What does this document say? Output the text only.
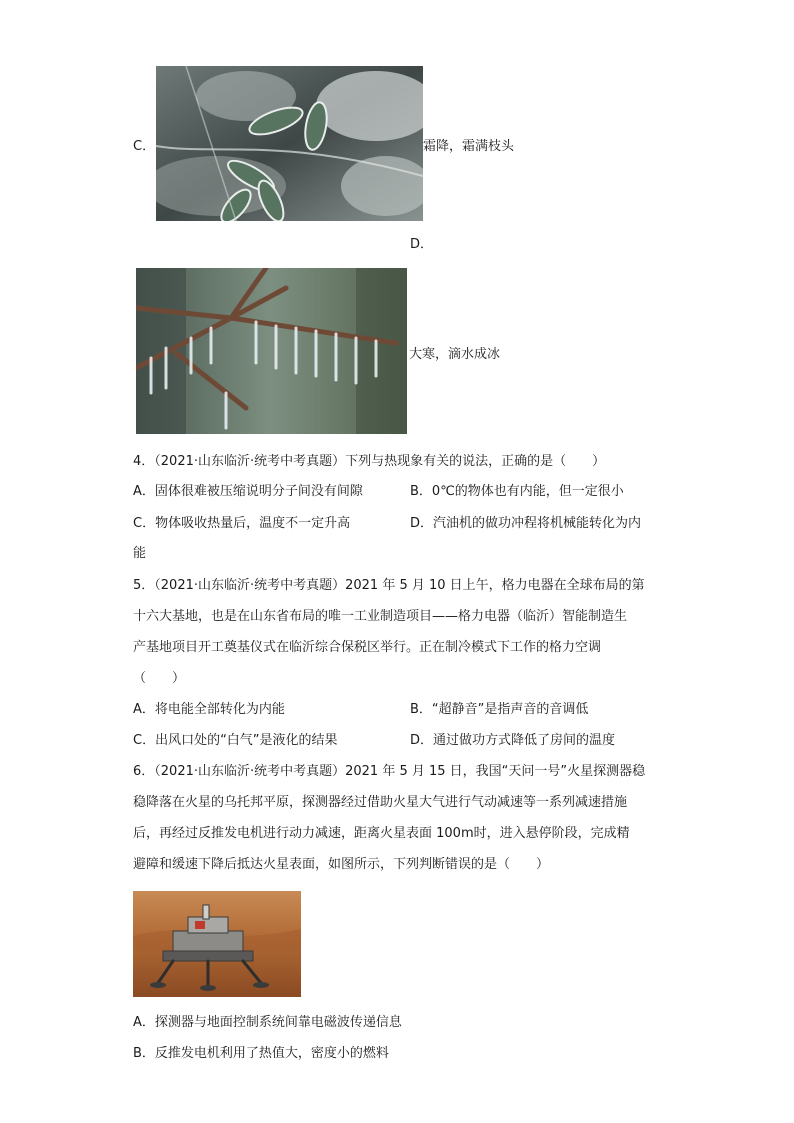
C．	霜降，霜满枝头
D．
大寒，滴水成冰
4．（2021·山东临沂·统考中考真题）下列与热现象有关的说法，正确的是（　　）
A．固体很难被压缩说明分子间没有间隙	B．0℃的物体也有内能，但一定很小
C．物体吸收热量后，温度不一定升高	D．汽油机的做功冲程将机械能转化为内
能
5．（2021·山东临沂·统考中考真题）2021 年 5 月 10 日上午，格力电器在全球布局的第
十六大基地，也是在山东省布局的唯一工业制造项目——格力电器（临沂）智能制造生
产基地项目开工奠基仪式在临沂综合保税区举行。正在制冷模式下工作的格力空调
（　　）
A．将电能全部转化为内能	B．“超静音”是指声音的音调低
C．出风口处的“白气”是液化的结果	D．通过做功方式降低了房间的温度
6．（2021·山东临沂·统考中考真题）2021 年 5 月 15 日，我国“天问一号”火星探测器稳
稳降落在火星的乌托邦平原，探测器经过借助火星大气进行气动减速等一系列减速措施
后，再经过反推发电机进行动力减速，距离火星表面 100m时，进入悬停阶段，完成精
避障和缓速下降后抵达火星表面，如图所示，下列判断错误的是（　　）
A．探测器与地面控制系统间靠电磁波传递信息
B．反推发电机利用了热值大，密度小的燃料
